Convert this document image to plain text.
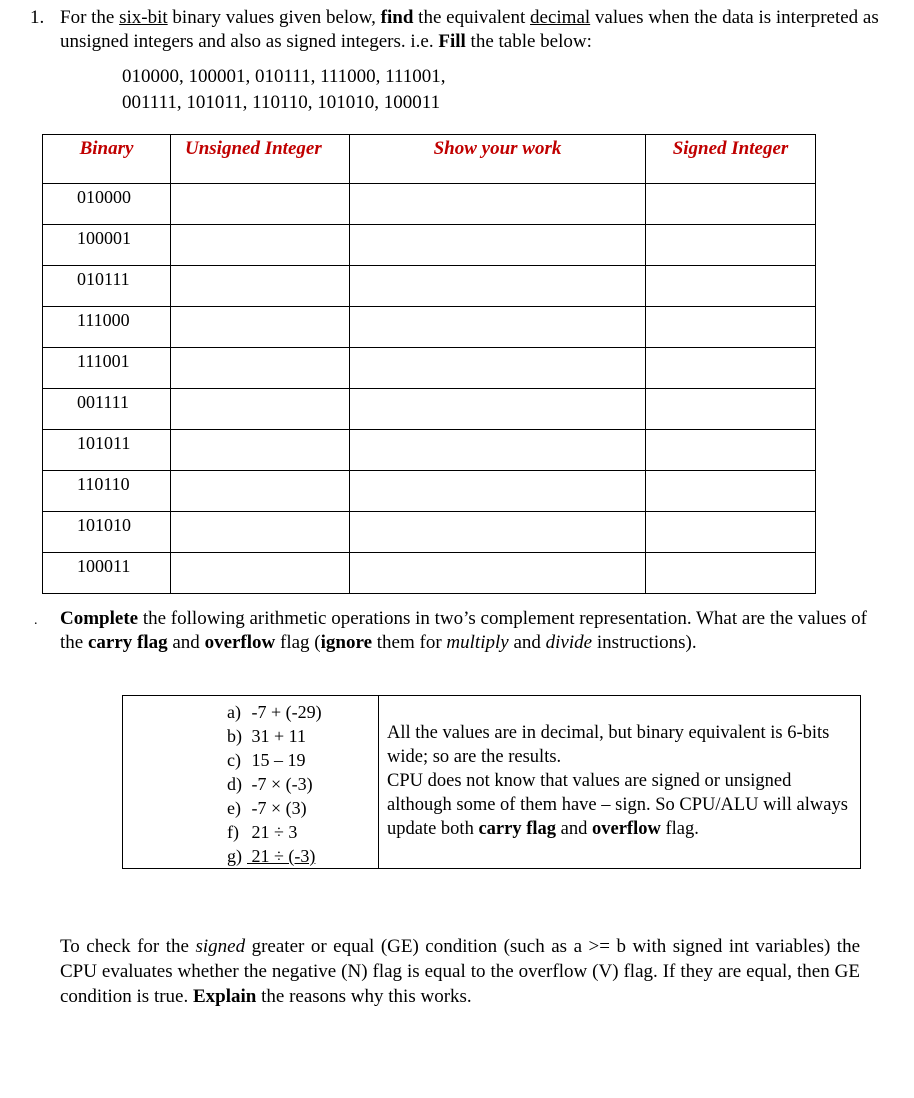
1. For the six-bit binary values given below, find the equivalent decimal values when the data is interpreted as unsigned integers and also as signed integers. i.e. Fill the table below:
010000, 100001, 010111, 111000, 111001,
001111, 101011, 110110, 101010, 100011
Binary	Unsigned Integer	Show your work	Signed Integer
010000			
100001			
010111			
111000			
111001			
001111			
101011			
110110			
101010			
100011			
. Complete the following arithmetic operations in two’s complement representation. What are the values of the carry flag and overflow flag (ignore them for multiply and divide instructions).
a) -7 + (-29)
b) 31 + 11
c) 15 – 19
d) -7 × (-3)
e) -7 × (3)
f) 21 ÷ 3
g) 21 ÷ (-3)

All the values are in decimal, but binary equivalent is 6-bits wide; so are the results.
CPU does not know that values are signed or unsigned although some of them have – sign. So CPU/ALU will always update both carry flag and overflow flag.
To check for the signed greater or equal (GE) condition (such as a >= b with signed int variables) the CPU evaluates whether the negative (N) flag is equal to the overflow (V) flag. If they are equal, then GE condition is true. Explain the reasons why this works.
